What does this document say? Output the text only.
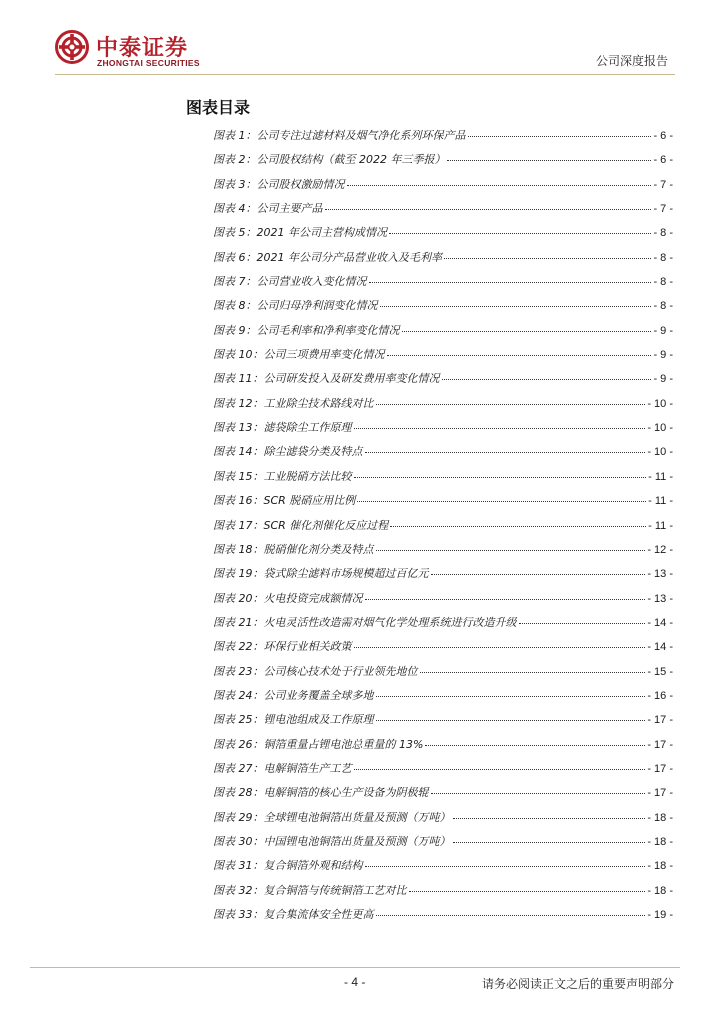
中泰证券
ZHONGTAI SECURITIES	公司深度报告
图表目录
图表 1：公司专注过滤材料及烟气净化系列环保产品	- 6 -
图表 2：公司股权结构（截至 2022 年三季报）	- 6 -
图表 3：公司股权激励情况	- 7 -
图表 4：公司主要产品	- 7 -
图表 5：2021 年公司主营构成情况	- 8 -
图表 6：2021 年公司分产品营业收入及毛利率	- 8 -
图表 7：公司营业收入变化情况	- 8 -
图表 8：公司归母净利润变化情况	- 8 -
图表 9：公司毛利率和净利率变化情况	- 9 -
图表 10：公司三项费用率变化情况	- 9 -
图表 11：公司研发投入及研发费用率变化情况	- 9 -
图表 12：工业除尘技术路线对比	- 10 -
图表 13：滤袋除尘工作原理	- 10 -
图表 14：除尘滤袋分类及特点	- 10 -
图表 15：工业脱硝方法比较	- 11 -
图表 16：SCR 脱硝应用比例	- 11 -
图表 17：SCR 催化剂催化反应过程	- 11 -
图表 18：脱硝催化剂分类及特点	- 12 -
图表 19：袋式除尘滤料市场规模超过百亿元	- 13 -
图表 20：火电投资完成额情况	- 13 -
图表 21：火电灵活性改造需对烟气化学处理系统进行改造升级	- 14 -
图表 22：环保行业相关政策	- 14 -
图表 23：公司核心技术处于行业领先地位	- 15 -
图表 24：公司业务覆盖全球多地	- 16 -
图表 25：锂电池组成及工作原理	- 17 -
图表 26：铜箔重量占锂电池总重量的 13%	- 17 -
图表 27：电解铜箔生产工艺	- 17 -
图表 28：电解铜箔的核心生产设备为阴极辊	- 17 -
图表 29：全球锂电池铜箔出货量及预测（万吨）	- 18 -
图表 30：中国锂电池铜箔出货量及预测（万吨）	- 18 -
图表 31：复合铜箔外观和结构	- 18 -
图表 32：复合铜箔与传统铜箔工艺对比	- 18 -
图表 33：复合集流体安全性更高	- 19 -
- 4 -	请务必阅读正文之后的重要声明部分
